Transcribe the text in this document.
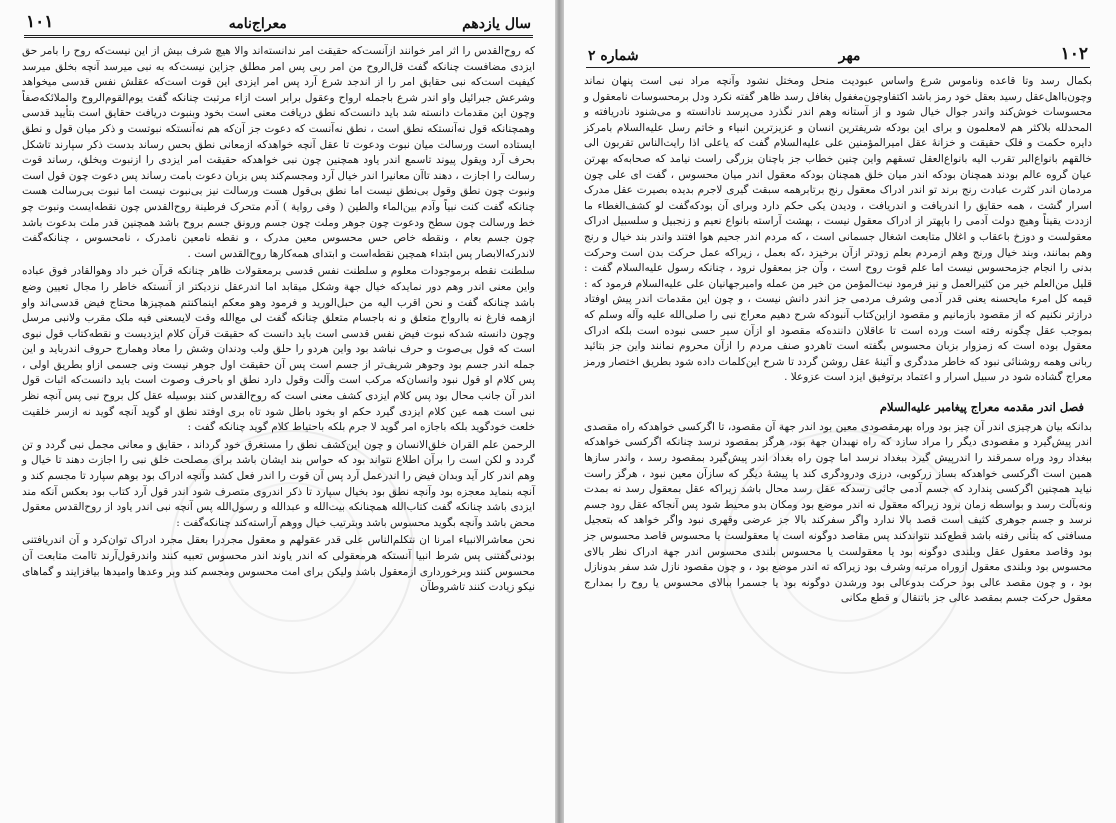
سال یازدهم
معراج‌نامه
۱۰۱

که روح‌القدس را اثر امر خوانند ازآنست‌که حقیقت امر ندانسته‌اند والا هیچ شرف بیش از این نیست‌که روح را بامر حق ایزدی مضافست چنانکه گفت قل‌الروح من امر ربی پس امر مطلق جزاین نیست‌که به نبی میرسد آنچه بخلق میرسد کیفیت است‌که نبی حقایق امر را از اندجد شرع آرد پس امر ایزدی این قوت است‌که عقلش نفس قدسی میخواهد وشرعش جبرائیل واو اندر شرع باجمله ارواح وعقول برابر است ازاء مرتبت چنانکه گفت یوم‌القوم‌الروح والملائکه‌صفاً وچون این مقدمات دانسته شد باید دانست‌که نطق دریافت معنی است بخود وبنبوت دریافت حقایق است بتأیید قدسی وهمچنانکه قول نه‌آنستکه نطق است ، نطق نه‌آنست که دعوت جز آن‌که هم نه‌آنستکه نبوتست و ذکر میان قول و نطق ایستاده است ورسالت میان نبوت ودعوت تا عقل آنچه خواهدکه ازمعانی نطق بحس رساند بدست ذکر سپارند تاشکل بحرف آرد ویقول پیوند تاسمع اندر یاود همچنین چون نبی خواهدکه حقیقت امر ایزدی را ازنبوت وبخلق، رساند قوت رسالت را اجازت ، دهند تاآن معانیرا اندر خیال آرد ومجسم‌کند پس بزبان دعوت بامت رساند پس دعوت چون قول است ونبوت چون نطق وقول بی‌نطق نیست اما نطق بی‌قول هست ورسالت نیز بی‌نبوت نیست اما نبوت بی‌رسالت هست چنانکه گفت کنت نبیاً وآدم بین‌الماء والطین ( وفی روایة ) آدم متحرک فرطینة روح‌القدس چون نقطه‌ایست ونبوت چو خط ورسالت چون سطح ودعوت چون جوهر وملت چون جسم ورونق جسم بروح باشد همچنین قدر ملت بدعوت باشد چون جسم بعام ، ونقطه خاص حس محسوس معین مدرک ، و نقطه نامعین نامدرک ، نامحسوس ، چنانکه‌گفت لاندرکه‌الابصار پس ابتداء همچین نقطه‌است و ابتدای همه‌کارها روح‌القدس است .

سلطنت نقطه برموجودات معلوم و سلطنت نفس قدسی برمعقولات ظاهر چنانکه قرآن خبر داد وهوالقادر فوق عباده واین معنی اندر وهم دور نمایدکه خیال جهة وشکل میقابد اما اندرعقل نزدیکتر از آنستکه خاطر را مجال تعیین وضع باشد چنانکه گفت و نحن اقرب الیه من حبل‌الورید و فرمود وهو معکم اینماکنتم همچیزها محتاج فیض قدسی‌اند واو ازهمه فارغ نه باارواح متعلق و نه باجسام متعلق چنانکه گفت لی مع‌الله وقت لایسعنی فیه ملک مقرب ولانبی مرسل وچون دانسته شدکه نبوت فیض نفس قدسی است باید دانست که حقیقت قرآن کلام ایزدیست و نقطه‌کتاب قول نبوی است که قول بی‌صوت و حرف نباشد بود واین هردو را حلق ولب ودندان وشش را معاد وهمارج حروف اندرباید و این جمله اندر جسم بود وجوهر شریف‌تر از جسم است پس آن حقیقت اول جوهر نیست ونی جسمی ازاو بطریق اولی ، پس کلام او قول نبود وانسان‌که مرکب است وآلت وقول دارد نطق او باحرف وصوت است باید دانست‌که اثبات قول اندر آن جانب محال بود پس کلام ایزدی کشف معنی است که روح‌القدس کنند بوسیله عقل کل بروح نبی پس آنچه نظر نبی است همه عین کلام ایزدی گیرد حکم او بخود باطل شود تاه بری اوفتد نطق او گوید آنچه گوید نه ازسر خلقیت خلعت خودگوید بلکه باجازه امر گوید لا جرم بلکه باحتیاط کلام گوید چنانکه گفت :

الرحمن علم القران خلق‌الانسان و چون این‌کشف نطق را مستغرق خود گرداند ، حقایق و معانی مجمل نبی گردد و تن گردد و لکن است را برآن اطلاع نتواند بود که حواس بند ایشان باشد برای مصلحت خلق نبی را اجازت دهند تا خیال و وهم اندر کار آید وبدان فیض را اندرعمل آرد پس آن قوت را اندر فعل کشد وآنچه ادراک بود بوهم سپارد تا مجسم کند و آنچه بنماید معجزه بود وآنچه نطق بود بخیال سپارد تا ذکر اندروی متصرف شود اندر قول آرد کتاب بود بعکس آنکه مند ایزدی باشد چنانکه گفت کتاب‌الله همچنانکه بیت‌الله و عبدالله و رسول‌الله پس آنچه نبی اندر یاود از روح‌القدس معقول محض باشد وآنچه بگوید محسوس باشد وبترتیب خیال ووهم آراسته‌کند چنانکه‌گفت :

نحن معاشرالانبیاء امرنا ان نتکلم‌الناس علی قدر عقولهم و معقول مجردرا بعقل مجرد ادراک توان‌کرد و آن اندریافتنی بودنی‌گفتنی پس شرط انبیا آنستکه هرمعقولی که اندر یاوند اندر محسوس تعبیه کنند واندرقول‌آرند تاامت متابعت آن محسوس کنند وبرخورداری ازمعقول باشد ولیکن برای امت محسوس ومجسم کند وبر وعدها وامیدها بیافزایند و گماهای نیکو زیادت کنند تاشروطآن

۱۰۲
مهر
شماره ۲

بکمال رسد وتا قاعده وناموس شرع واساس عبودیت منحل ومختل نشود وآنچه مراد نبی است پنهان نماند وچون‌بااهل‌عقل رسید بعقل خود رمز باشد اکتفاوچون‌مغفول بغافل رسد ظاهر گفته نکرد ودل برمحسوسات نامعقول و محسوسات خوش‌کند واندر جوال خیال شود و از آستانه وهم اندر نگذرد می‌پرسد نادانسته و می‌شنود نادریافته و المحدلله بلاکثر هم لامعلمون و برای این بودکه شریفترین انسان و عزیزترین انبیاء و خاتم رسل علیه‌السلام بامرکز دایره حکمت و فلک حقیقت و خزانهٔ عقل امیرالمؤمنین علی علیه‌السلام گفت که یاعلی اذا رایت‌الناس تقربون الی خالقهم بانواع‌البر تقرب الیه بانواع‌العقل تسقهم واین چنین خطاب جز باچنان بزرگی راست نیامد که صحابه‌که بهرتن عیان گروه عالم بودند همچنان بودکه اندر میان خلق همچنان بودکه معقول اندر میان محسوس ، گفت ای علی چون مردمان اندر کثرت عبادت رنج برند تو اندر ادراک معقول رنج برتابرهمه سبقت گیری لاجرم بدیده بصیرت عقل مدرک اسرار گشت ، همه حقایق را اندریافت و اندریافت ، ودیدن یکی حکم دارد وبرای آن بودکه‌گفت لو کشف‌الغطاء ما ازددت یقیناً وهیچ دولت آدمی را باپهتر از ادراک معقول نیست ، بهشت آراسته بانواع نعیم و زنجبیل و سلسبیل ادراک معقولست و دوزخ باعقاب و اغلال متابعت اشغال جسمانی است ، که مردم اندر جحیم هوا افتند واندر بند خیال و رنج وهم بمانند، وبند خیال ورنج وهم ازمردم بعلم زودتر ازآن برخیزد ،که بعمل ، زیراکه عمل حرکت بدن است وحرکت بدنی را انجام جزمحسوس نیست اما علم قوت روح است ، وآن جز بمعقول نرود ، چنانکه رسول علیه‌السلام گفت : قلیل من‌العلم خیر من کثیرالعمل و نیز فرمود نیت‌المؤمن من خیر من عمله وامیرجهانیان علی علیه‌السلام فرمود که : قیمه کل امرء مایحسنه یعنی قدر آدمی وشرف مردمی جز اندر دانش نیست ، و چون این مقدمات اندر پیش اوفتاد درازتر نکنیم که از مقصود بازمانیم و مقصود ازاین‌کتاب آنبودکه شرح دهیم معراج نبی را صلی‌الله علیه وآله وسلم که بموجب عقل چگونه رفته است ورده است تا عاقلان داننده‌که مقصود او ازآن سیر حسی نبوده است بلکه ادراک معقول بوده است که زمزوار بزبان محسوس بگفته است تاهردو صنف مردم را ازآن محروم نمانند واین جز بتائید ربانی وهمه روشنائی نبود که خاطر مددگری و آئینهٔ عقل روشن گردد تا شرح این‌کلمات داده شود بطریق اختصار ورمز معراج گشاده شود در سبیل اسرار و اعتماد برتوفیق ایزد است عزوعلا .

فصل اندر مقدمه معراج پیغامبر علیه‌السلام

بدانکه بیان هرچیزی اندر آن چیز بود وراه بهرمقصودی معین بود اندر جهة آن مقصود، تا اگرکسی خواهدکه راه مقصدی اندر پیش‌گیرد و مقصودی دیگر را مراد سازد که راه نهبدان جهة بود، هرگز بمقصود نرسد چنانکه اگرکسی خواهدکه ببغداد رود وراه سمرقند را اندرپیش گیرد ببغداد نرسد اما چون راه بغداد اندر پیش‌گیرد بمقصود رسد ، واندر سازها همین است اگرکسی خواهدکه بساز زرکوبی، درزی ودرودگری کند یا پیشهٔ دیگر که سازآن معین نبود ، هرگز راست نیاید همچنین اگرکسی پندارد که جسم آدمی جائی رسدکه عقل رسد محال باشد زیراکه عقل بمعقول رسد نه بمدت ونه‌بآلت رسد و بواسطه زمان نرود زیراکه معقول نه اندر موضع بود ومکان بدو محیط شود پس آنجاکه عقل رود جسم نرسد و جسم جوهری کثیف است قصد بالا ندارد واگر سفرکند بالا جز عرضی وقهری نبود واگر خواهد که بتعجیل مسافتی که بتأنی رفته باشد قطع‌کند نتواندکند پس مقاصد دوگونه است یا معقولست یا محسوس قاصد محسوس جز بود وقاصد معقول عقل وبلندی دوگونه بود یا معقولست یا محسوس بلندی محسوس اندر جهة ادراک نظر بالای محسوس بود وبلندی معقول ازوراه مرتبه وشرف بود زیراکه ته اندر موضع بود ، و چون مقصود نازل شد سفر بدونازل بود ، و چون مقصد عالی بود حرکت بدوعالی بود ورشدن دوگونه بود یا جسمرا ببالای محسوس یا روح را بمدارج معقول حرکت جسم بمقصد عالی جز باتنقال و قطع مکانی
